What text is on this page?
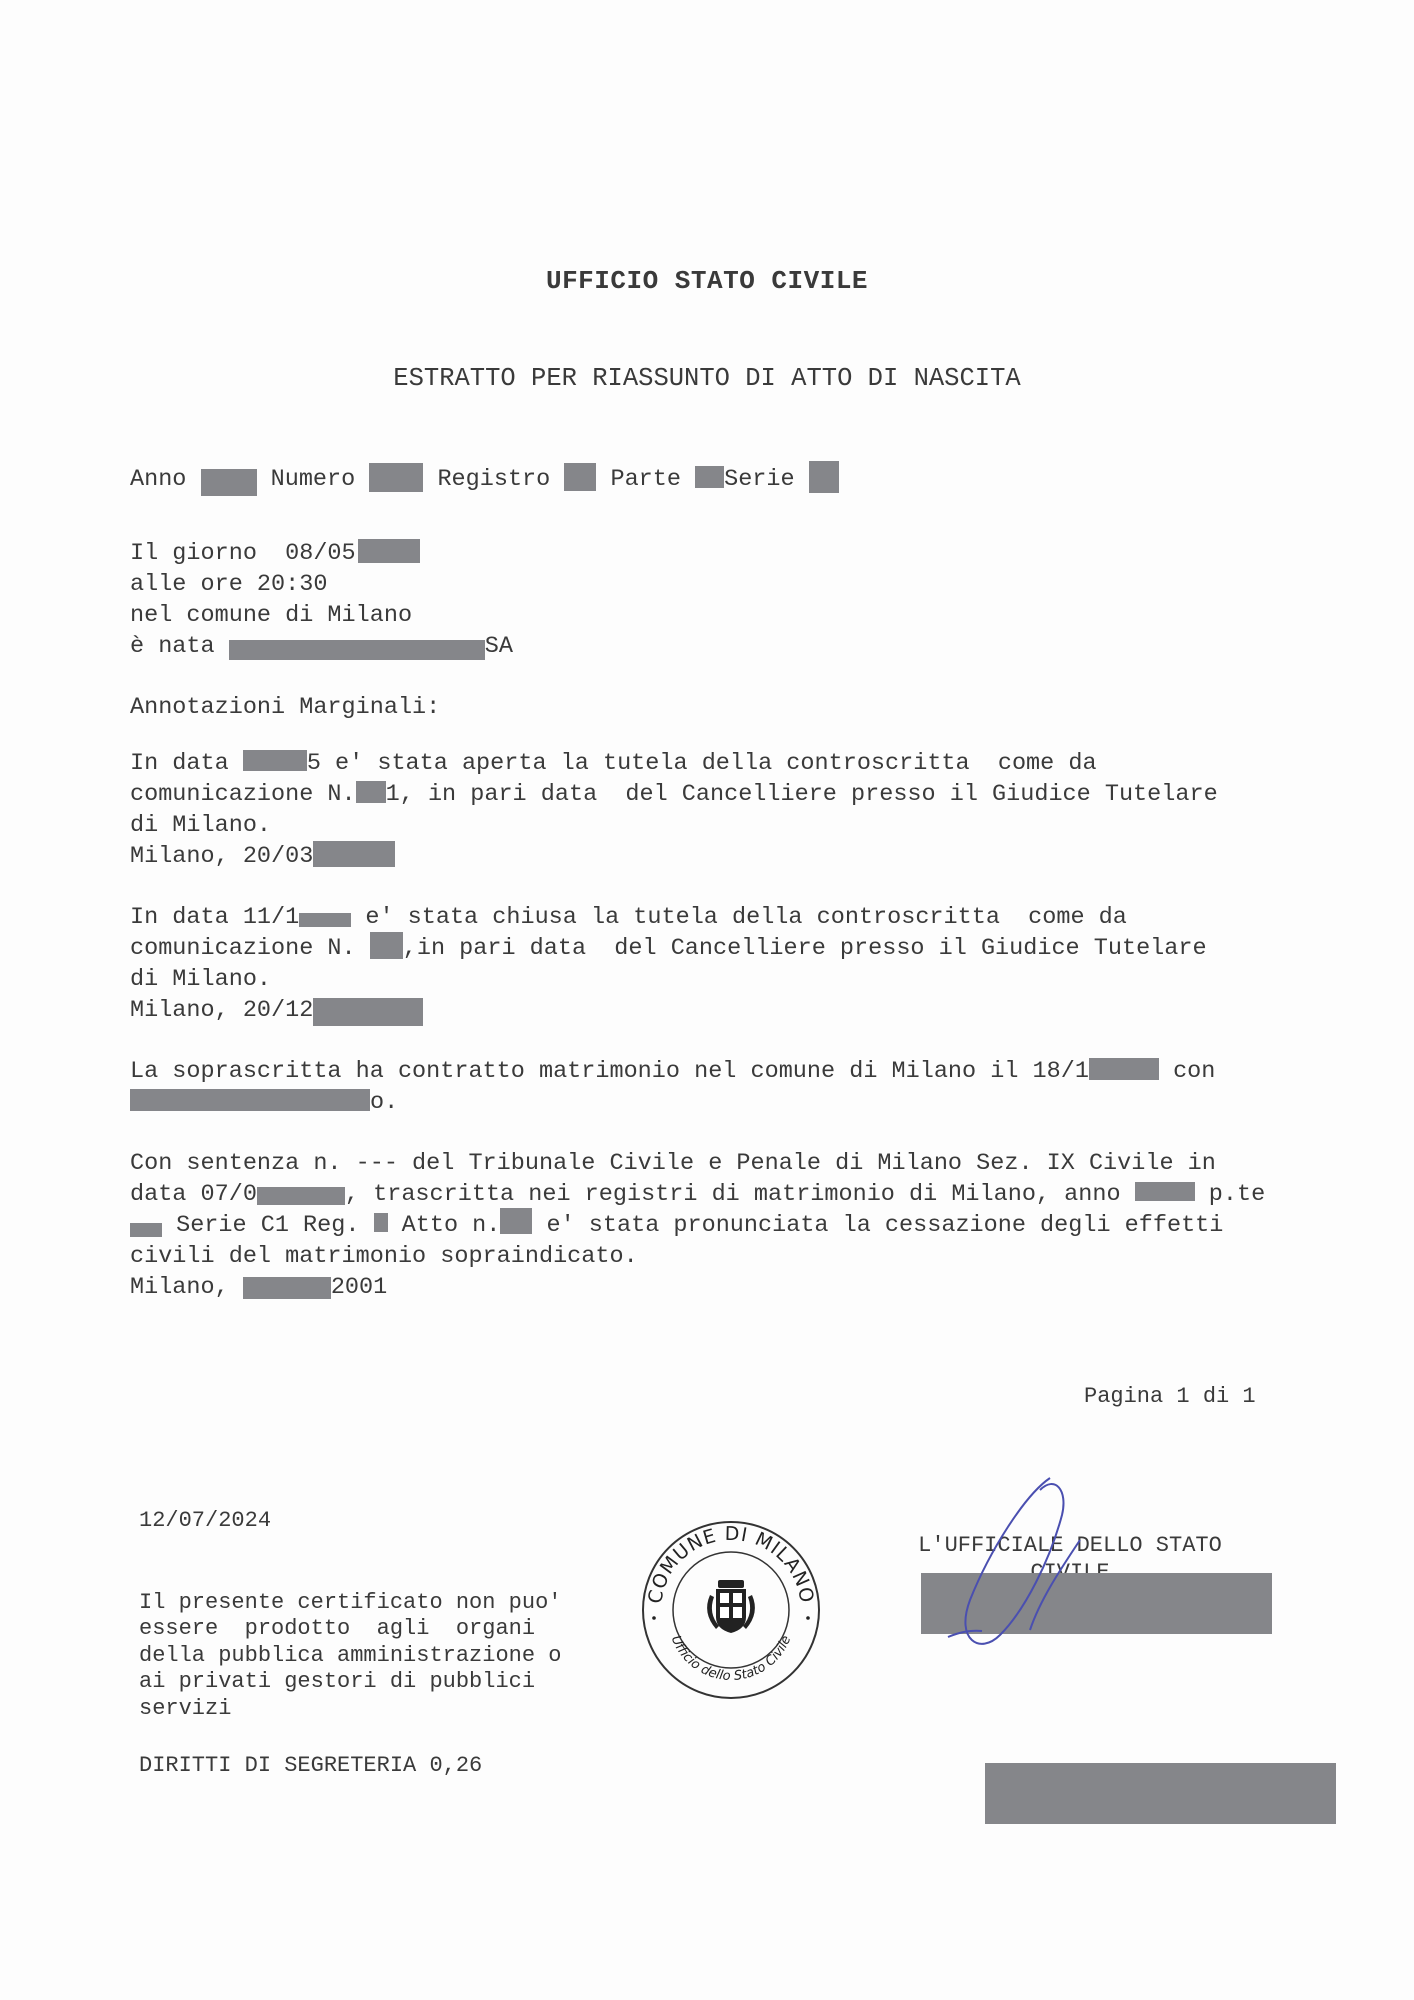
UFFICIO STATO CIVILE
ESTRATTO PER RIASSUNTO DI ATTO DI NASCITA
Anno  Numero  Registro  Parte Serie
Il giorno  08/05
alle ore 20:30
nel comune di Milano
è nata	SA
Annotazioni Marginali:
In data	5 e' stata aperta la tutela della controscritta  come da
comunicazione N. 1, in pari data  del Cancelliere presso il Giudice Tutelare
di Milano.
Milano, 20/03
In data 11/1 e' stata chiusa la tutela della controscritta  come da
comunicazione N. ,in pari data  del Cancelliere presso il Giudice Tutelare
di Milano.
Milano, 20/12
La soprascritta ha contratto matrimonio nel comune di Milano il 18/1	con
o.
Con sentenza n. --- del Tribunale Civile e Penale di Milano Sez. IX Civile in
data 07/0	, trascritta nei registri di matrimonio di Milano, anno	p.te
Serie C1 Reg.  Atto n. e' stata pronunciata la cessazione degli effetti
civili del matrimonio sopraindicato.
Milano,	2001
Pagina 1 di 1
12/07/2024

Il presente certificato non puo'
essere  prodotto  agli  organi
della pubblica amministrazione o
ai privati gestori di pubblici
servizi

DIRITTI DI SEGRETERIA 0,26
COMUNE DI MILANO
Ufficio dello Stato Civile

L'UFFICIALE DELLO STATO
